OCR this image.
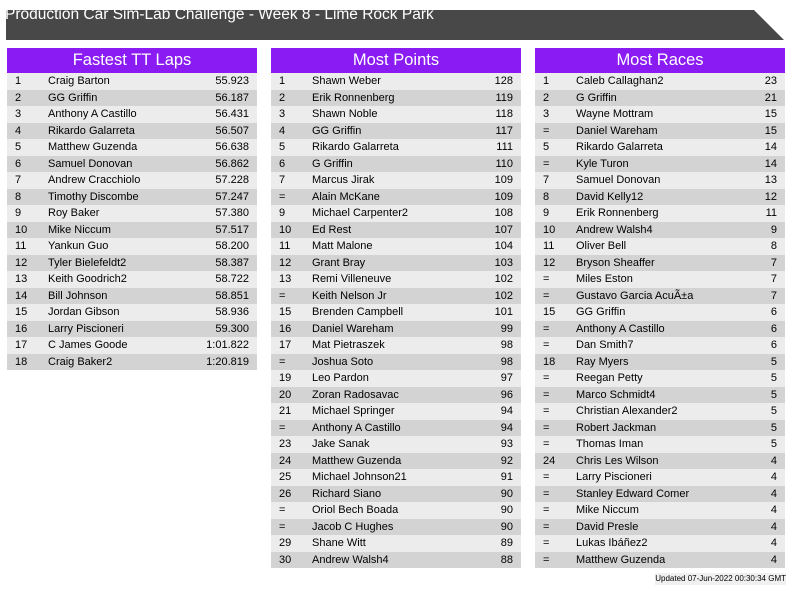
Production Car Sim-Lab Challenge - Week 8 - Lime Rock Park
Fastest TT Laps
1 Craig Barton	55.923
2 GG Griffin	56.187
3 Anthony A Castillo	56.431
4 Rikardo Galarreta	56.507
5 Matthew Guzenda	56.638
6 Samuel Donovan	56.862
7 Andrew Cracchiolo	57.228
8 Timothy Discombe	57.247
9 Roy Baker	57.380
10 Mike Niccum	57.517
11 Yankun Guo	58.200
12 Tyler Bielefeldt2	58.387
13 Keith Goodrich2	58.722
14 Bill Johnson	58.851
15 Jordan Gibson	58.936
16 Larry Piscioneri	59.300
17 C James Goode	1:01.822
18 Craig Baker2	1:20.819
Most Points
1 Shawn Weber	128
2 Erik Ronnenberg	119
3 Shawn Noble	118
4 GG Griffin	117
5 Rikardo Galarreta	111
6 G Griffin	110
7 Marcus Jirak	109
= Alain McKane	109
9 Michael Carpenter2	108
10 Ed Rest	107
11 Matt Malone	104
12 Grant Bray	103
13 Remi Villeneuve	102
= Keith Nelson Jr	102
15 Brenden Campbell	101
16 Daniel Wareham	99
17 Mat Pietraszek	98
= Joshua Soto	98
19 Leo Pardon	97
20 Zoran Radosavac	96
21 Michael Springer	94
= Anthony A Castillo	94
23 Jake Sanak	93
24 Matthew Guzenda	92
25 Michael Johnson21	91
26 Richard Siano	90
= Oriol Bech Boada	90
= Jacob C Hughes	90
29 Shane Witt	89
30 Andrew Walsh4	88
Most Races
1 Caleb Callaghan2	23
2 G Griffin	21
3 Wayne Mottram	15
= Daniel Wareham	15
5 Rikardo Galarreta	14
= Kyle Turon	14
7 Samuel Donovan	13
8 David Kelly12	12
9 Erik Ronnenberg	11
10 Andrew Walsh4	9
11 Oliver Bell	8
12 Bryson Sheaffer	7
= Miles Eston	7
= Gustavo Garcia AcuÃ±a	7
15 GG Griffin	6
= Anthony A Castillo	6
= Dan Smith7	6
18 Ray Myers	5
= Reegan Petty	5
= Marco Schmidt4	5
= Christian Alexander2	5
= Robert Jackman	5
= Thomas Iman	5
24 Chris Les Wilson	4
= Larry Piscioneri	4
= Stanley Edward Comer	4
= Mike Niccum	4
= David Presle	4
= Lukas Ibáñez2	4
= Matthew Guzenda	4
Updated 07-Jun-2022 00:30:34 GMT
